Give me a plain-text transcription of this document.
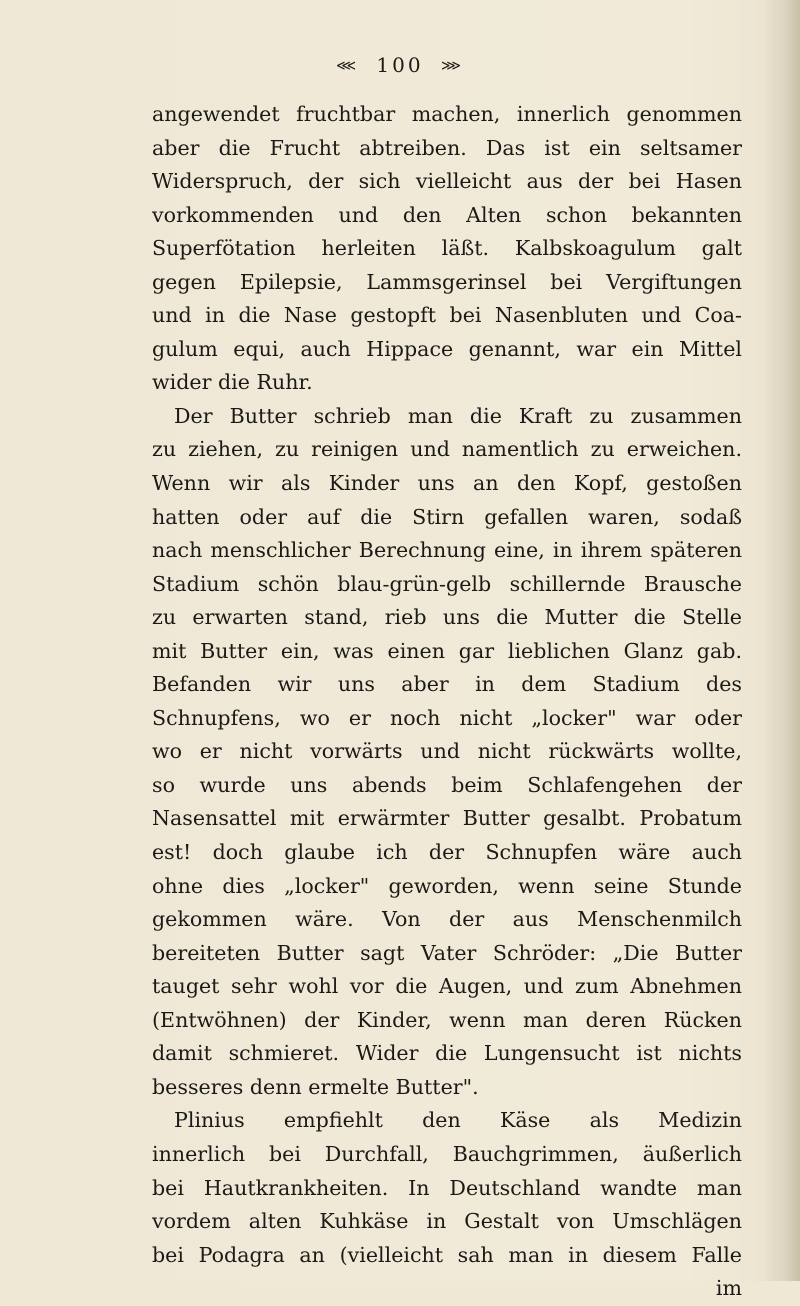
⋘ 100 ⋙
angewendet fruchtbar machen, innerlich genommen
aber die Frucht abtreiben. Das ist ein seltsamer
Widerspruch, der sich vielleicht aus der bei Hasen
vorkommenden und den Alten schon bekannten
Superfötation herleiten läßt. Kalbskoagulum galt
gegen Epilepsie, Lammsgerinsel bei Vergiftungen
und in die Nase gestopft bei Nasenbluten und Coa-
gulum equi, auch Hippace genannt, war ein Mittel
wider die Ruhr.
Der Butter schrieb man die Kraft zu zusammen
zu ziehen, zu reinigen und namentlich zu erweichen.
Wenn wir als Kinder uns an den Kopf, gestoßen
hatten oder auf die Stirn gefallen waren, sodaß
nach menschlicher Berechnung eine, in ihrem späteren
Stadium schön blau-grün-gelb schillernde Brausche
zu erwarten stand, rieb uns die Mutter die Stelle
mit Butter ein, was einen gar lieblichen Glanz gab.
Befanden wir uns aber in dem Stadium des
Schnupfens, wo er noch nicht „locker" war oder
wo er nicht vorwärts und nicht rückwärts wollte,
so wurde uns abends beim Schlafengehen der
Nasensattel mit erwärmter Butter gesalbt. Probatum
est! doch glaube ich der Schnupfen wäre auch
ohne dies „locker" geworden, wenn seine Stunde
gekommen wäre. Von der aus Menschenmilch
bereiteten Butter sagt Vater Schröder: „Die Butter
tauget sehr wohl vor die Augen, und zum Abnehmen
(Entwöhnen) der Kinder, wenn man deren Rücken
damit schmieret. Wider die Lungensucht ist nichts
besseres denn ermelte Butter".
Plinius empfiehlt den Käse als Medizin
innerlich bei Durchfall, Bauchgrimmen, äußerlich
bei Hautkrankheiten. In Deutschland wandte man
vordem alten Kuhkäse in Gestalt von Umschlägen
bei Podagra an (vielleicht sah man in diesem Falle
im
